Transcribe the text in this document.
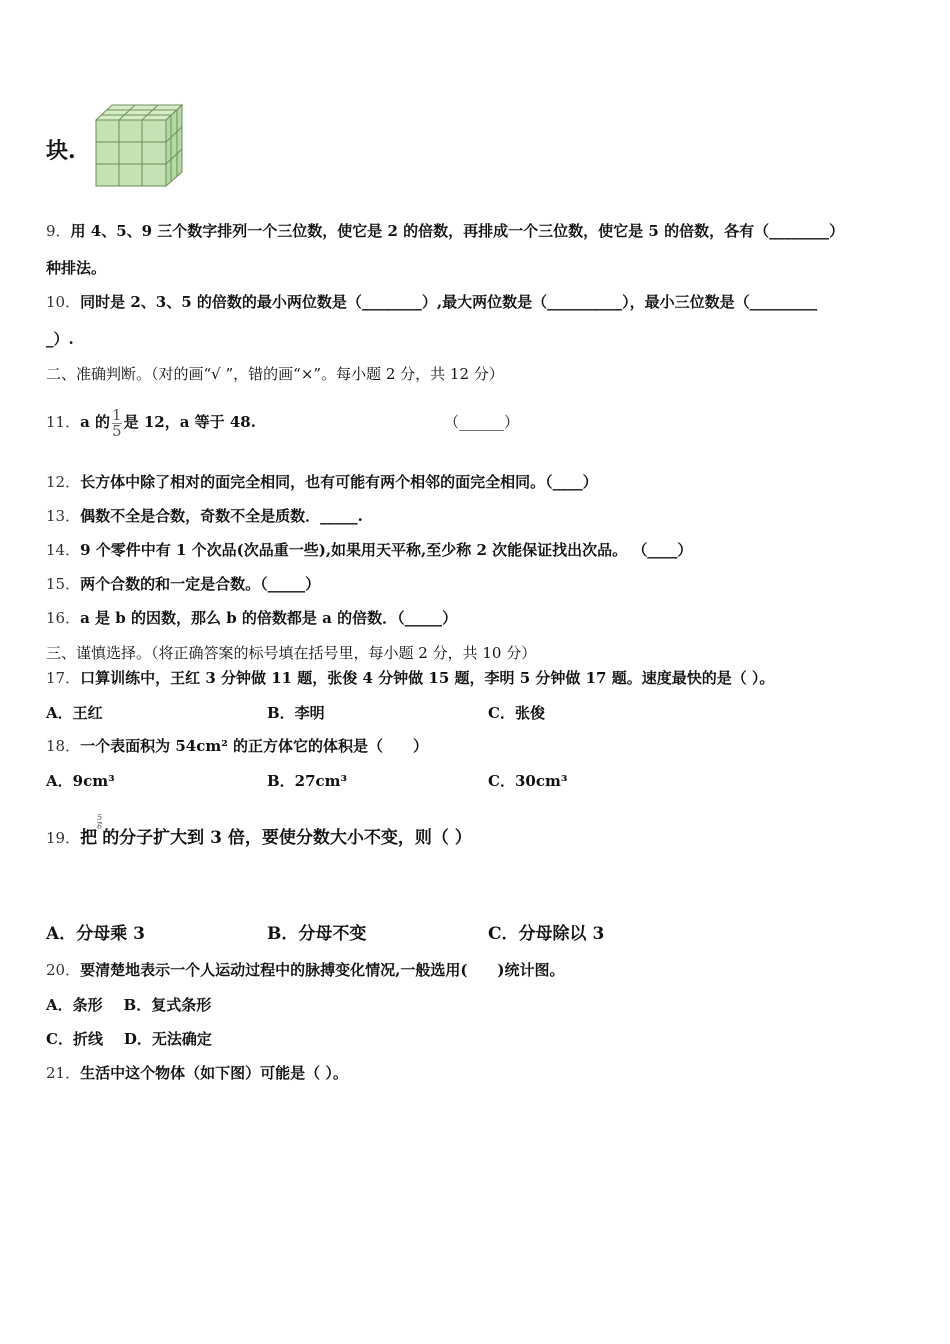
块.
9．用 4、5、9 三个数字排列一个三位数，使它是 2 的倍数，再排成一个三位数，使它是 5 的倍数，各有（________）
种排法。
10．同时是 2、3、5 的倍数的最小两位数是（________）,最大两位数是（__________），最小三位数是（_________
_）.
二、准确判断。（对的画“√ ”，错的画“×”。每小题 2 分，共 12 分）
11．a 的 $\frac{1}{5}$ 是 12，a 等于 48.	（______）
12．长方体中除了相对的面完全相同，也有可能有两个相邻的面完全相同。（____）
13．偶数不全是合数，奇数不全是质数．_____.
14．9 个零件中有 1 个次品(次品重一些),如果用天平称,至少称 2 次能保证找出次品。 （____）
15．两个合数的和一定是合数。（_____）
16．a 是 b 的因数，那么 b 的倍数都是 a 的倍数．（_____）
三、谨慎选择。（将正确答案的标号填在括号里，每小题 2 分，共 10 分）
17．口算训练中，王红 3 分钟做 11 题，张俊 4 分钟做 15 题，李明 5 分钟做 17 题。速度最快的是（ ）。
A．王红	B．李明	C．张俊
18．一个表面积为 54cm² 的正方体它的体积是（　　）
A．9cm³	B．27cm³	C．30cm³
19．把
$\frac{5}{6}$
的分子扩大到 3 倍，要使分数大小不变，则（ ）
A．分母乘 3	B．分母不变	C．分母除以 3
20．要清楚地表示一个人运动过程中的脉搏变化情况,一般选用(　　)统计图。
A．条形    B．复式条形
C．折线    D．无法确定
21．生活中这个物体（如下图）可能是（ ）。
